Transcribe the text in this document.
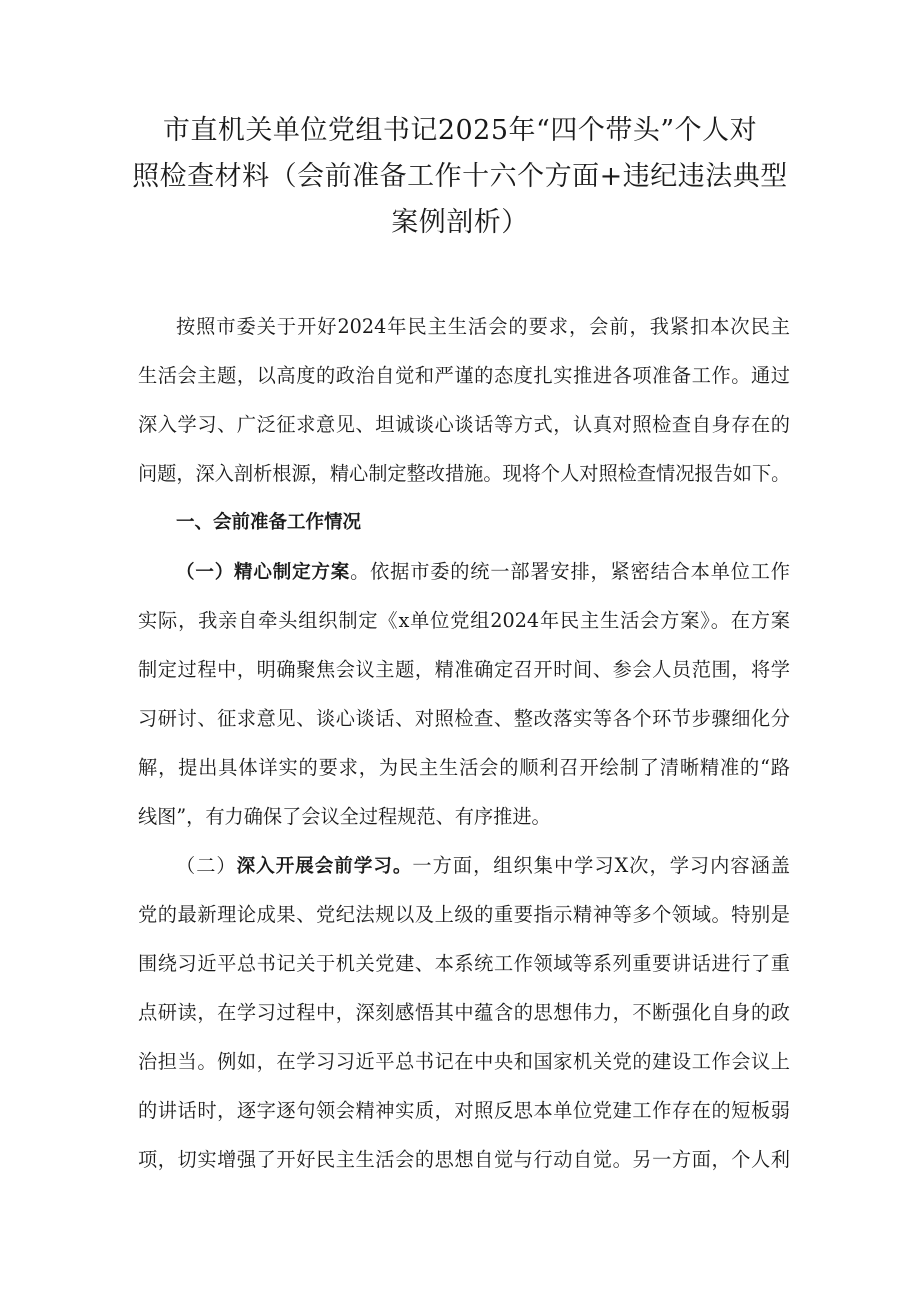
市直机关单位党组书记2025年“四个带头”个人对
照检查材料（会前准备工作十六个方面+违纪违法典型
案例剖析）
按照市委关于开好2024年民主生活会的要求，会前，我紧扣本次民主
生活会主题，以高度的政治自觉和严谨的态度扎实推进各项准备工作。通过
深入学习、广泛征求意见、坦诚谈心谈话等方式，认真对照检查自身存在的
问题，深入剖析根源，精心制定整改措施。现将个人对照检查情况报告如下。
一、会前准备工作情况
（一）精心制定方案。依据市委的统一部署安排，紧密结合本单位工作
实际，我亲自牵头组织制定《x单位党组2024年民主生活会方案》。在方案
制定过程中，明确聚焦会议主题，精准确定召开时间、参会人员范围，将学
习研讨、征求意见、谈心谈话、对照检查、整改落实等各个环节步骤细化分
解，提出具体详实的要求，为民主生活会的顺利召开绘制了清晰精准的“路
线图”，有力确保了会议全过程规范、有序推进。
（二）深入开展会前学习。一方面，组织集中学习X次，学习内容涵盖
党的最新理论成果、党纪法规以及上级的重要指示精神等多个领域。特别是
围绕习近平总书记关于机关党建、本系统工作领域等系列重要讲话进行了重
点研读，在学习过程中，深刻感悟其中蕴含的思想伟力，不断强化自身的政
治担当。例如，在学习习近平总书记在中央和国家机关党的建设工作会议上
的讲话时，逐字逐句领会精神实质，对照反思本单位党建工作存在的短板弱
项，切实增强了开好民主生活会的思想自觉与行动自觉。另一方面，个人利
